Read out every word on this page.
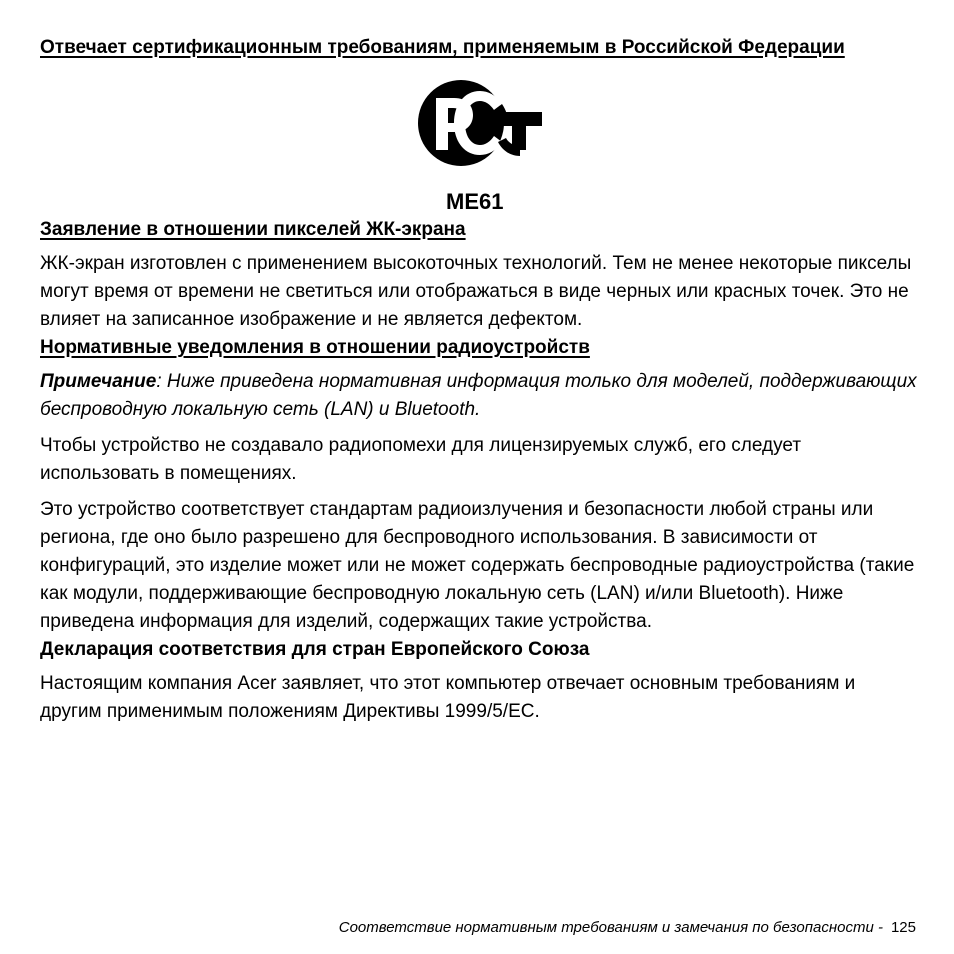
Отвечает сертификационным требованиям, применяемым в Российской Федерации
ME61
Заявление в отношении пикселей ЖК-экрана

ЖК-экран изготовлен с применением высокоточных технологий. Тем не менее некоторые пикселы могут время от времени не светиться или отображаться в виде черных или красных точек. Это не влияет на записанное изображение и не является дефектом.

Нормативные уведомления в отношении радиоустройств

Примечание: Ниже приведена нормативная информация только для моделей, поддерживающих беспроводную локальную сеть (LAN) и Bluetooth.

Чтобы устройство не создавало радиопомехи для лицензируемых служб, его следует использовать в помещениях.

Это устройство соответствует стандартам радиоизлучения и безопасности любой страны или региона, где оно было разрешено для беспроводного использования. В зависимости от конфигураций, это изделие может или не может содержать беспроводные радиоустройства (такие как модули, поддерживающие беспроводную локальную сеть (LAN) и/или Bluetooth). Ниже приведена информация для изделий, содержащих такие устройства.

Декларация соответствия для стран Европейского Союза

Настоящим компания Acer заявляет, что этот компьютер отвечает основным требованиям и другим применимым положениям Директивы 1999/5/EC.

Соответствие нормативным требованиям и замечания по безопасности - 125
